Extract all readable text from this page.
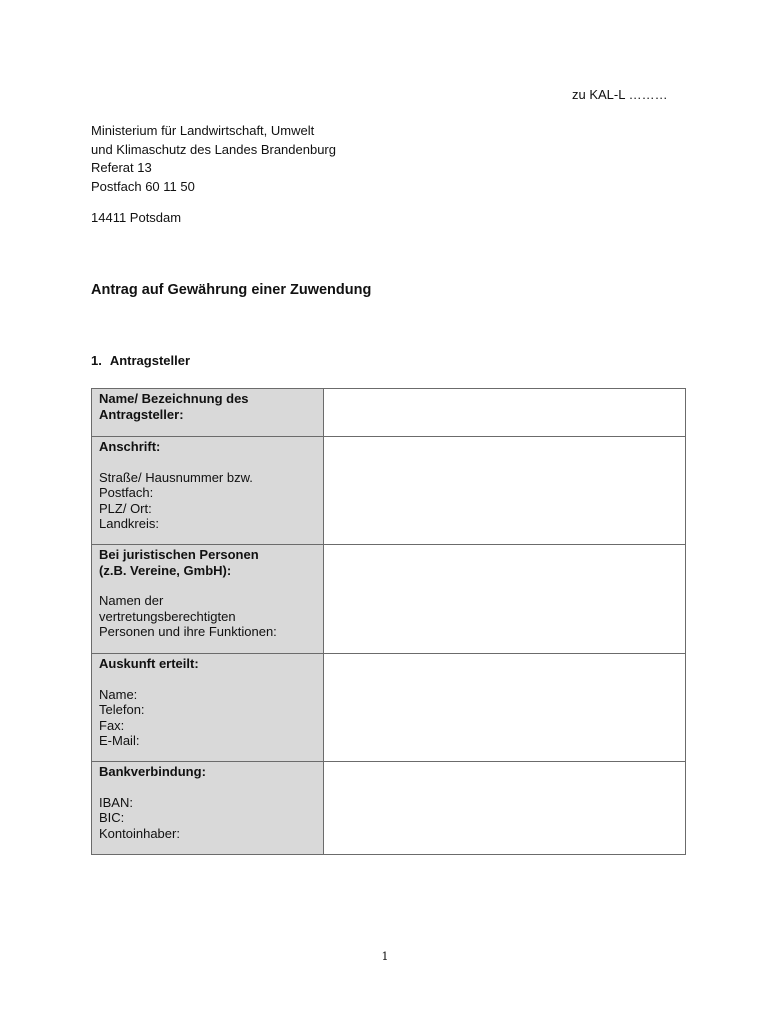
zu KAL-L ………
Ministerium für Landwirtschaft, Umwelt
und Klimaschutz des Landes Brandenburg
Referat 13
Postfach 60 11 50
14411 Potsdam
Antrag auf Gewährung einer Zuwendung
1. Antragsteller
Name/ Bezeichnung des
Antragsteller:	

Anschrift:
Straße/ Hausnummer bzw.
Postfach:
PLZ/ Ort:
Landkreis:	

Bei juristischen Personen
(z.B. Vereine, GmbH):
Namen der
vertretungsberechtigten
Personen und ihre Funktionen:	

Auskunft erteilt:
Name:
Telefon:
Fax:
E-Mail:	

Bankverbindung:
IBAN:
BIC:
Kontoinhaber:	

1
